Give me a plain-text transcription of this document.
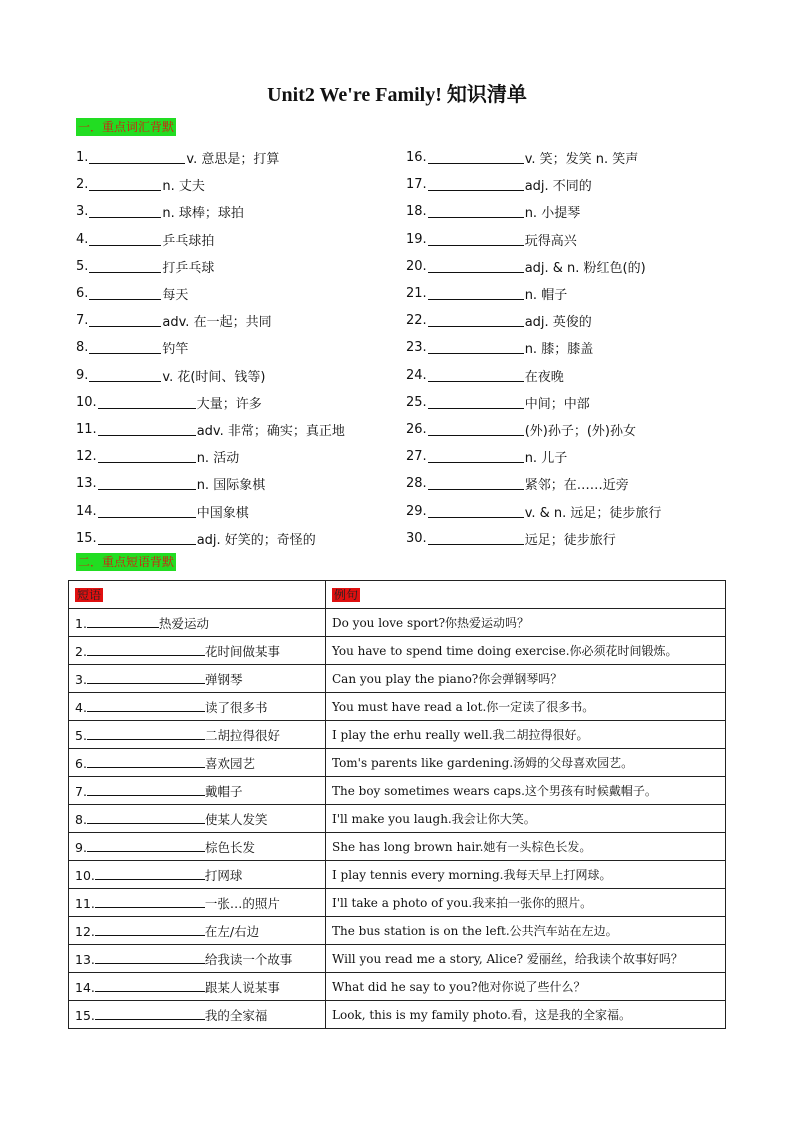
Unit2 We're Family! 知识清单
一．重点词汇背默
1.	v. 意思是；打算	16.	v. 笑；发笑 n. 笑声
2.	n. 丈夫	17.	adj. 不同的
3.	n. 球棒；球拍	18.	n. 小提琴
4.	乒乓球拍	19.	玩得高兴
5.	打乒乓球	20.	adj. & n. 粉红色(的)
6.	每天	21.	n. 帽子
7.	adv. 在一起；共同	22.	adj. 英俊的
8.	钓竿	23.	n. 膝；膝盖
9.	v. 花(时间、钱等)	24.	在夜晚
10.	大量；许多	25.	中间；中部
11.	adv. 非常；确实；真正地	26.	(外)孙子；(外)孙女
12.	n. 活动	27.	n. 儿子
13.	n. 国际象棋	28.	紧邻；在……近旁
14.	中国象棋	29.	v. & n. 远足；徒步旅行
15.	adj. 好笑的；奇怪的	30.	远足；徒步旅行
二．重点短语背默
短语	例句
1. 热爱运动	Do you love sport?你热爱运动吗？
2. 花时间做某事	You have to spend time doing exercise.你必须花时间锻炼。
3. 弹钢琴	Can you play the piano?你会弹钢琴吗？
4. 读了很多书	You must have read a lot.你一定读了很多书。
5. 二胡拉得很好	I play the erhu really well.我二胡拉得很好。
6. 喜欢园艺	Tom's parents like gardening.汤姆的父母喜欢园艺。
7. 戴帽子	The boy sometimes wears caps.这个男孩有时候戴帽子。
8. 使某人发笑	I'll make you laugh.我会让你大笑。
9. 棕色长发	She has long brown hair.她有一头棕色长发。
10. 打网球	I play tennis every morning.我每天早上打网球。
11. 一张…的照片	I'll take a photo of you.我来拍一张你的照片。
12. 在左/右边	The bus station is on the left.公共汽车站在左边。
13. 给我读一个故事	Will you read me a story, Alice? 爱丽丝，给我读个故事好吗？
14. 跟某人说某事	What did he say to you?他对你说了些什么？
15. 我的全家福	Look, this is my family photo.看，这是我的全家福。
